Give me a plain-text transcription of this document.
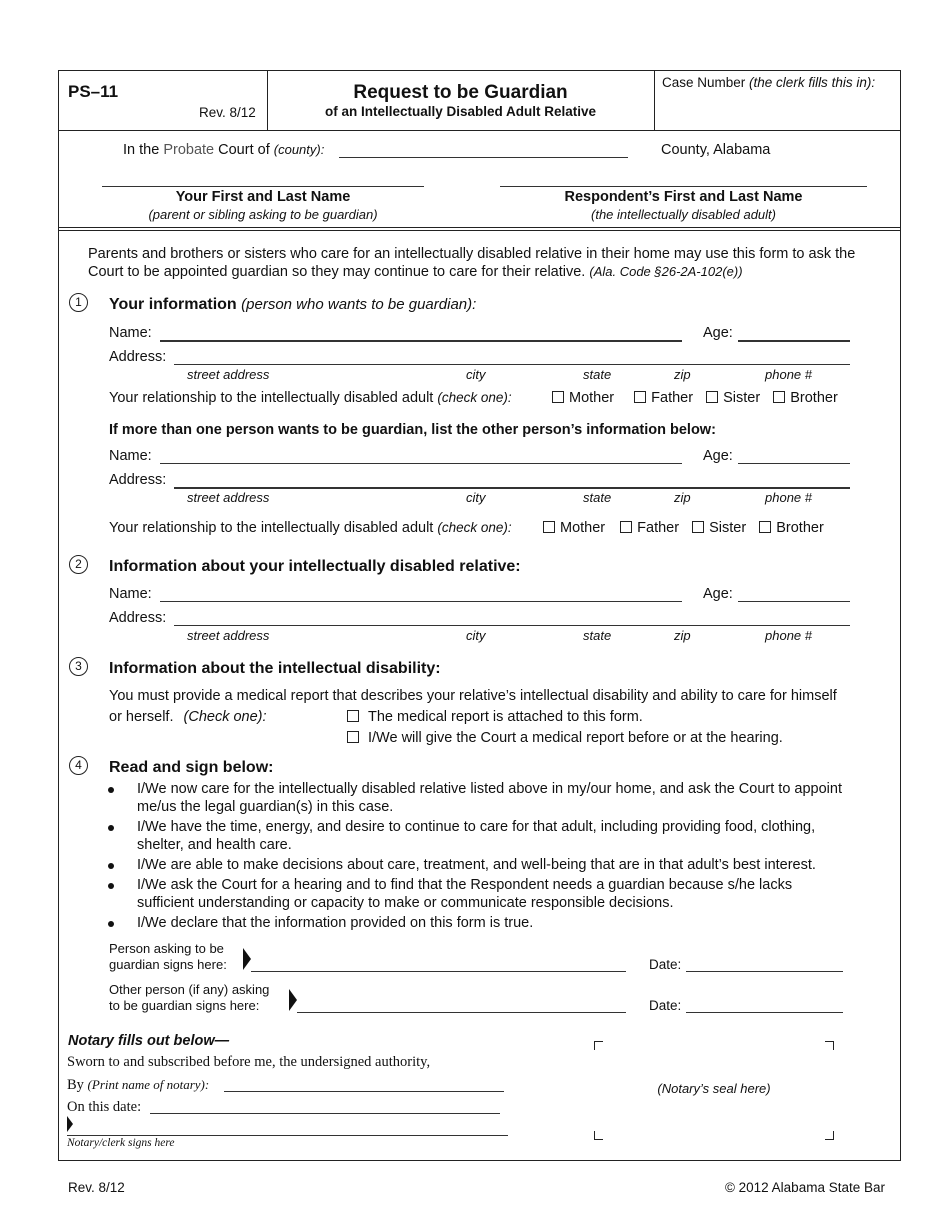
PS–11
Rev. 8/12
Request to be Guardian
of an Intellectually Disabled Adult Relative
Case Number (the clerk fills this in):
In the Probate Court of (county):	County, Alabama
Your First and Last Name
(parent or sibling asking to be guardian)
Respondent’s First and Last Name
(the intellectually disabled adult)
Parents and brothers or sisters who care for an intellectually disabled relative in their home may use this form to ask the Court to be appointed guardian so they may continue to care for their relative. (Ala. Code §26-2A-102(e))
1	Your information (person who wants to be guardian):
Name:	Age:
Address:
street address	city	state	zip	phone #
Your relationship to the intellectually disabled adult (check one):	Mother	Father Sister Brother
If more than one person wants to be guardian, list the other person’s information below:
Name:	Age:
Address:
street address	city	state	zip	phone #
Your relationship to the intellectually disabled adult (check one):	Mother Father Sister Brother
2	Information about your intellectually disabled relative:
Name:	Age:
Address:
street address	city	state	zip	phone #
3	Information about the intellectual disability:
You must provide a medical report that describes your relative’s intellectual disability and ability to care for himself
or herself. (Check one):	The medical report is attached to this form.
I/We will give the Court a medical report before or at the hearing.
4	Read and sign below:
I/We now care for the intellectually disabled relative listed above in my/our home, and ask the Court to appoint
me/us the legal guardian(s) in this case.
I/We have the time, energy, and desire to continue to care for that adult, including providing food, clothing,
shelter, and health care.
I/We are able to make decisions about care, treatment, and well-being that are in that adult’s best interest.
I/We ask the Court for a hearing and to find that the Respondent needs a guardian because s/he lacks
sufficient understanding or capacity to make or communicate responsible decisions.
I/We declare that the information provided on this form is true.
Person asking to be
guardian signs here:	Date:
Other person (if any) asking
to be guardian signs here:	Date:
Notary fills out below—
Sworn to and subscribed before me, the undersigned authority,
By (Print name of notary):
On this date:
Notary/clerk signs here
(Notary’s seal here)
Rev. 8/12	© 2012 Alabama State Bar
